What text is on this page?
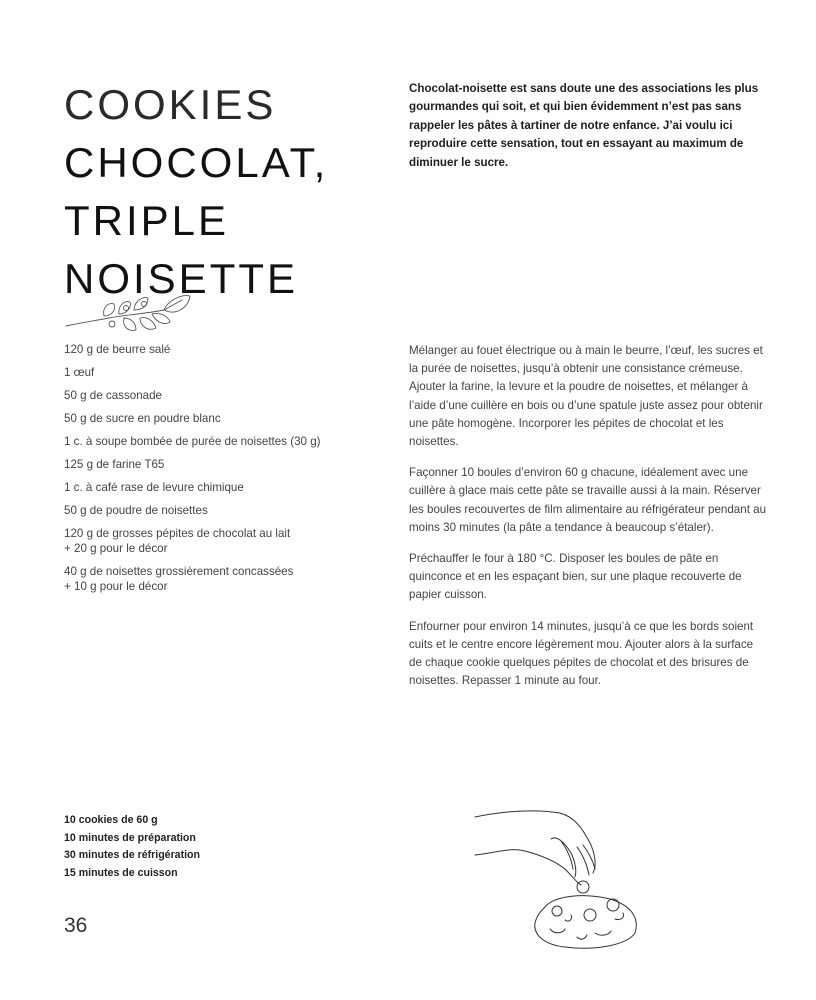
COOKIES
CHOCOLAT,
TRIPLE
NOISETTE
Chocolat-noisette est sans doute une des associations les plus gourmandes qui soit, et qui bien évidemment n’est pas sans rappeler les pâtes à tartiner de notre enfance. J’ai voulu ici reproduire cette sensation, tout en essayant au maximum de diminuer le sucre.
120 g de beurre salé
1 œuf
50 g de cassonade
50 g de sucre en poudre blanc
1 c. à soupe bombée de purée de noisettes (30 g)
125 g de farine T65
1 c. à café rase de levure chimique
50 g de poudre de noisettes
120 g de grosses pépites de chocolat au lait
+ 20 g pour le décor
40 g de noisettes grossièrement concassées
+ 10 g pour le décor

Mélanger au fouet électrique ou à main le beurre, l’œuf, les sucres et la purée de noisettes, jusqu’à obtenir une consistance crémeuse. Ajouter la farine, la levure et la poudre de noisettes, et mélanger à l’aide d’une cuillère en bois ou d’une spatule juste assez pour obtenir une pâte homogène. Incorporer les pépites de chocolat et les noisettes.

Façonner 10 boules d’environ 60 g chacune, idéalement avec une cuillère à glace mais cette pâte se travaille aussi à la main. Réserver les boules recouvertes de film alimentaire au réfrigérateur pendant au moins 30 minutes (la pâte a tendance à beaucoup s’étaler).

Préchauffer le four à 180 °C. Disposer les boules de pâte en quinconce et en les espaçant bien, sur une plaque recouverte de papier cuisson.

Enfourner pour environ 14 minutes, jusqu’à ce que les bords soient cuits et le centre encore légèrement mou. Ajouter alors à la surface de chaque cookie quelques pépites de chocolat et des brisures de noisettes. Repasser 1 minute au four.

10 cookies de 60 g
10 minutes de préparation
30 minutes de réfrigération
15 minutes de cuisson
36
